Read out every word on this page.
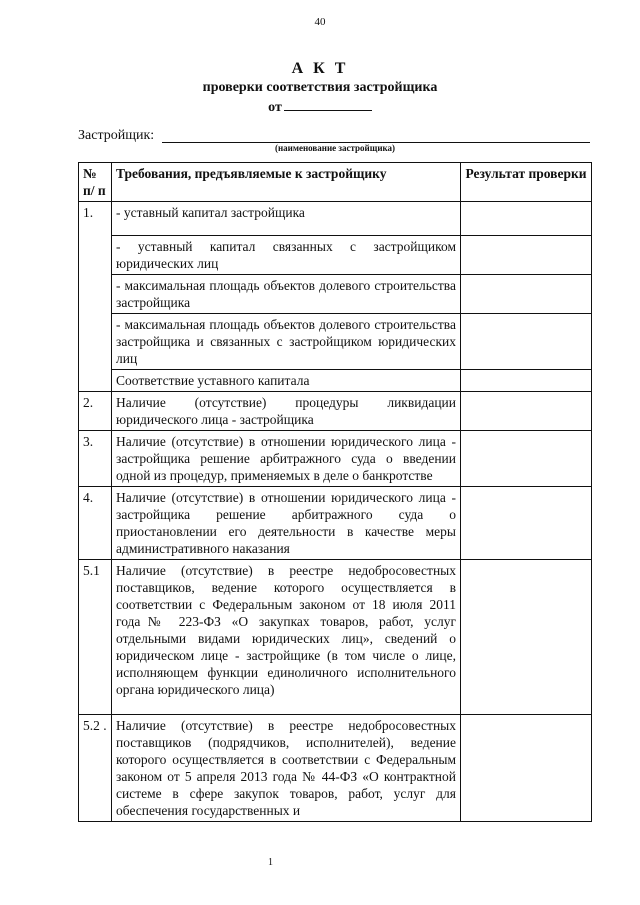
40
А К Т
проверки соответствия застройщика
от
Застройщик:
(наименование застройщика)
№ п/ п	Требования, предъявляемые к застройщику	Результат проверки
1.	- уставный капитал застройщика	
	- уставный капитал связанных с застройщиком юридических лиц	
	- максимальная площадь объектов долевого строительства застройщика	
	- максимальная площадь объектов долевого строительства застройщика и связанных с застройщиком юридических лиц	
	Соответствие уставного капитала	
2.	Наличие (отсутствие) процедуры ликвидации юридического лица - застройщика	
3.	Наличие (отсутствие) в отношении юридического лица - застройщика решение арбитражного суда о введении одной из процедур, применяемых в деле о банкротстве	
4.	Наличие (отсутствие) в отношении юридического лица - застройщика решение арбитражного суда о приостановлении его деятельности в качестве меры административного наказания	
5.1	Наличие (отсутствие) в реестре недобросовестных поставщиков, ведение которого осуществляется в соответствии с Федеральным законом от 18 июля 2011 года№ 223-ФЗ «О закупках товаров, работ, услуг отдельными видами юридических лиц», сведений о юридическом лице - застройщике (в том числе о лице, исполняющем функции единоличного исполнительного органа юридического лица)	
5.2 .	Наличие (отсутствие) в реестре недобросовестных поставщиков (подрядчиков, исполнителей), ведение которого осуществляется в соответствии с Федеральным законом от 5 апреля 2013 года № 44-ФЗ «О контрактной системе в сфере закупок товаров, работ, услуг для обеспечения государственных и	
1
